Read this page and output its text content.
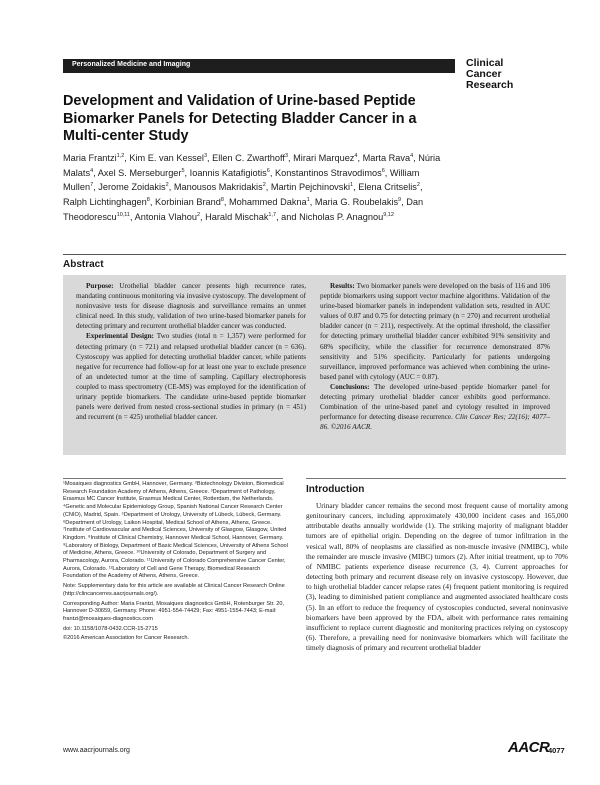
Personalized Medicine and Imaging	Clinical
Cancer
Research
Development and Validation of Urine-based Peptide Biomarker Panels for Detecting Bladder Cancer in a Multi-center Study
Maria Frantzi$^{1,2}$, Kim E. van Kessel$^3$, Ellen C. Zwarthoff$^3$, Mirari Marquez$^4$, Marta Rava$^4$, Núria Malats$^4$, Axel S. Merseburger$^5$, Ioannis Katafigiotis$^6$, Konstantinos Stravodimos$^6$, William Mullen$^7$, Jerome Zoidakis$^2$, Manousos Makridakis$^2$, Martin Pejchinovski$^1$, Elena Critselis$^2$, Ralph Lichtinghagen$^8$, Korbinian Brand$^8$, Mohammed Dakna$^1$, Maria G. Roubelakis$^9$, Dan Theodorescu$^{10,11}$, Antonia Vlahou$^2$, Harald Mischak$^{1,7}$, and Nicholas P. Anagnou$^{9,12}$
Abstract

Purpose: Urothelial bladder cancer presents high recurrence rates, mandating continuous monitoring via invasive cystoscopy. The development of noninvasive tests for disease diagnosis and surveillance remains an unmet clinical need. In this study, validation of two urine-based biomarker panels for detecting primary and recurrent urothelial bladder cancer was conducted.

Experimental Design: Two studies (total n = 1,357) were performed for detecting primary (n = 721) and relapsed urothelial bladder cancer (n = 636). Cystoscopy was applied for detecting urothelial bladder cancer, while patients negative for recurrence had follow-up for at least one year to exclude presence of an undetected tumor at the time of sampling. Capillary electrophoresis coupled to mass spectrometry (CE-MS) was employed for the identification of urinary peptide biomarkers. The candidate urine-based peptide biomarker panels were derived from nested cross-sectional studies in primary (n = 451) and recurrent (n = 425) urothelial bladder cancer.

Results: Two biomarker panels were developed on the basis of 116 and 106 peptide biomarkers using support vector machine algorithms. Validation of the urine-based biomarker panels in independent validation sets, resulted in AUC values of 0.87 and 0.75 for detecting primary (n = 270) and recurrent urothelial bladder cancer (n = 211), respectively. At the optimal threshold, the classifier for detecting primary urothelial bladder cancer exhibited 91% sensitivity and 68% specificity, while the classifier for recurrence demonstrated 87% sensitivity and 51% specificity. Particularly for patients undergoing surveillance, improved performance was achieved when combining the urine-based panel with cytology (AUC = 0.87).

Conclusions: The developed urine-based peptide biomarker panel for detecting primary urothelial bladder cancer exhibits good performance. Combination of the urine-based panel and cytology resulted in improved performance for detecting disease recurrence. Clin Cancer Res; 22(16); 4077–86. ©2016 AACR.

¹Mosaiques diagnostics GmbH, Hannover, Germany. ²Biotechnology Division, Biomedical Research Foundation Academy of Athens, Athens, Greece. ³Department of Pathology, Erasmus MC Cancer Institute, Erasmus Medical Center, Rotterdam, the Netherlands. ⁴Genetic and Molecular Epidemiology Group, Spanish National Cancer Research Center (CNIO), Madrid, Spain. ⁵Department of Urology, University of Lübeck, Lübeck, Germany. ⁶Department of Urology, Laikon Hospital, Medical School of Athens, Athens, Greece. ⁷Institute of Cardiovascular and Medical Sciences, University of Glasgow, Glasgow, United Kingdom. ⁸Institute of Clinical Chemistry, Hannover Medical School, Hannover, Germany. ⁹Laboratory of Biology, Department of Basic Medical Sciences, University of Athens School of Medicine, Athens, Greece. ¹⁰University of Colorado, Department of Surgery and Pharmacology, Aurora, Colorado. ¹¹University of Colorado Comprehensive Cancer Center, Aurora, Colorado. ¹²Laboratory of Cell and Gene Therapy, Biomedical Research Foundation of the Academy of Athens, Athens, Greece.

Note: Supplementary data for this article are available at Clinical Cancer Research Online (http://clincancerres.aacrjournals.org/).

Corresponding Author: Maria Frantzi, Mosaiques diagnostics GmbH, Rotenburger Str. 20, Hannover D-30659, Germany. Phone: 4951-554-74429; Fax: 4951-1554-7443; E-mail: frantzi@mosaiques-diagnostics.com

doi: 10.1158/1078-0432.CCR-15-2715

©2016 American Association for Cancer Research.

Introduction

Urinary bladder cancer remains the second most frequent cause of mortality among genitourinary cancers, including approximately 430,000 incident cases and 165,000 attributable deaths annually worldwide (1). The striking majority of malignant bladder tumors are of epithelial origin. Depending on the degree of tumor infiltration in the vesical wall, 80% of neoplasms are classified as non-muscle invasive (NMIBC), while the remainder are muscle invasive (MIBC) tumors (2). After initial treatment, up to 70% of NMIBC patients experience disease recurrence (3, 4). Current approaches for detecting both primary and recurrent disease rely on invasive cystoscopy. However, due to high urothelial bladder cancer relapse rates (4) frequent patient monitoring is required (3), leading to diminished patient compliance and augmented associated healthcare costs (5). In an effort to reduce the frequency of cystoscopies conducted, several noninvasive biomarkers have been approved by the FDA, albeit with performance rates remaining insufficient to replace current diagnostic and monitoring practices relying on cystoscopy (6). Therefore, a prevailing need for noninvasive biomarkers which will facilitate the timely diagnosis of primary and recurrent urothelial bladder

www.aacrjournals.org	AACR
4077
